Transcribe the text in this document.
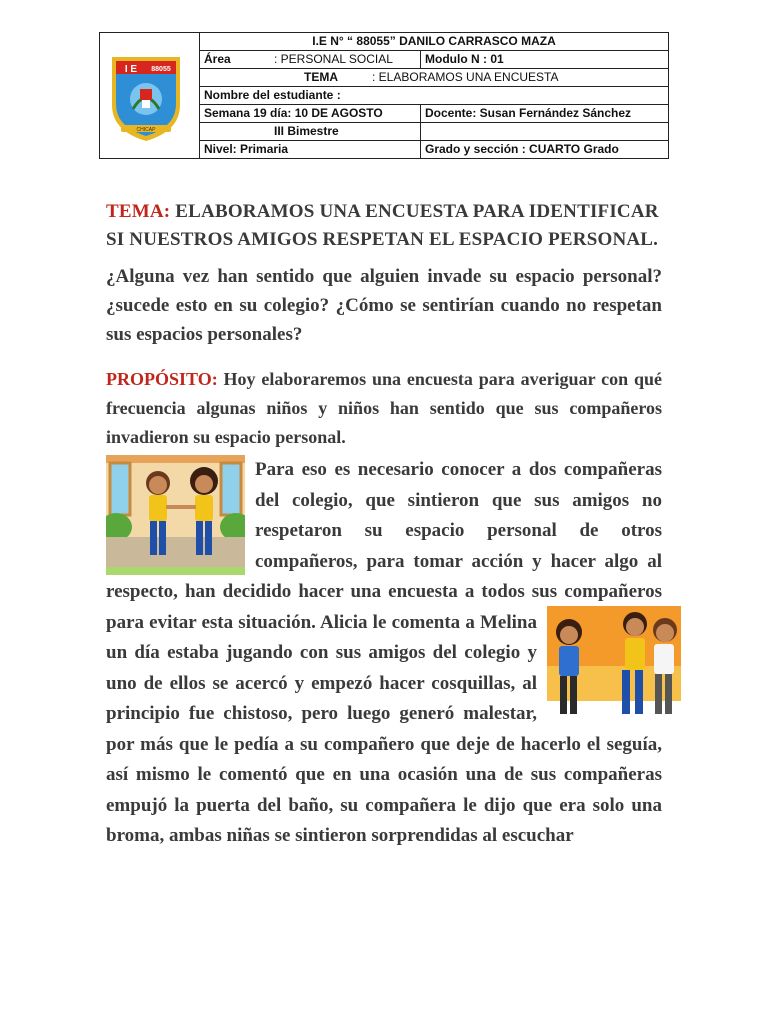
I E 88055
CHICAP
I.E N° “ 88055” DANILO CARRASCO MAZA
Área	: PERSONAL SOCIAL	Modulo N : 01
TEMA	: ELABORAMOS UNA ENCUESTA
Nombre del estudiante :
Semana 19 día: 10 DE AGOSTO	Docente: Susan Fernández Sánchez
III Bimestre
Nivel: Primaria	Grado y sección : CUARTO Grado
TEMA: ELABORAMOS UNA ENCUESTA PARA IDENTIFICAR SI NUESTROS AMIGOS RESPETAN EL ESPACIO PERSONAL.
¿Alguna vez han sentido que alguien invade su espacio personal? ¿sucede esto en su colegio? ¿Cómo se sentirían cuando no respetan sus espacios personales?
PROPÓSITO: Hoy elaboraremos una encuesta para averiguar con qué frecuencia algunas niños y niños han sentido que sus compañeros invadieron su espacio personal.
Para eso es necesario conocer a dos compañeras del colegio, que sintieron que sus amigos no respetaron su espacio personal de otros compañeros, para tomar acción y hacer algo al respecto, han decidido hacer una encuesta a todos sus
compañeros para evitar esta situación. Alicia le comenta a Melina un día estaba jugando con sus amigos del colegio y uno de ellos se acercó y empezó hacer cosquillas, al principio fue chistoso, pero luego generó malestar, por más que le pedía a su compañero que deje de hacerlo el seguía, así mismo le comentó que en una ocasión una de sus compañeras empujó la puerta del baño, su compañera le dijo que era solo una broma, ambas niñas se sintieron sorprendidas al escuchar
